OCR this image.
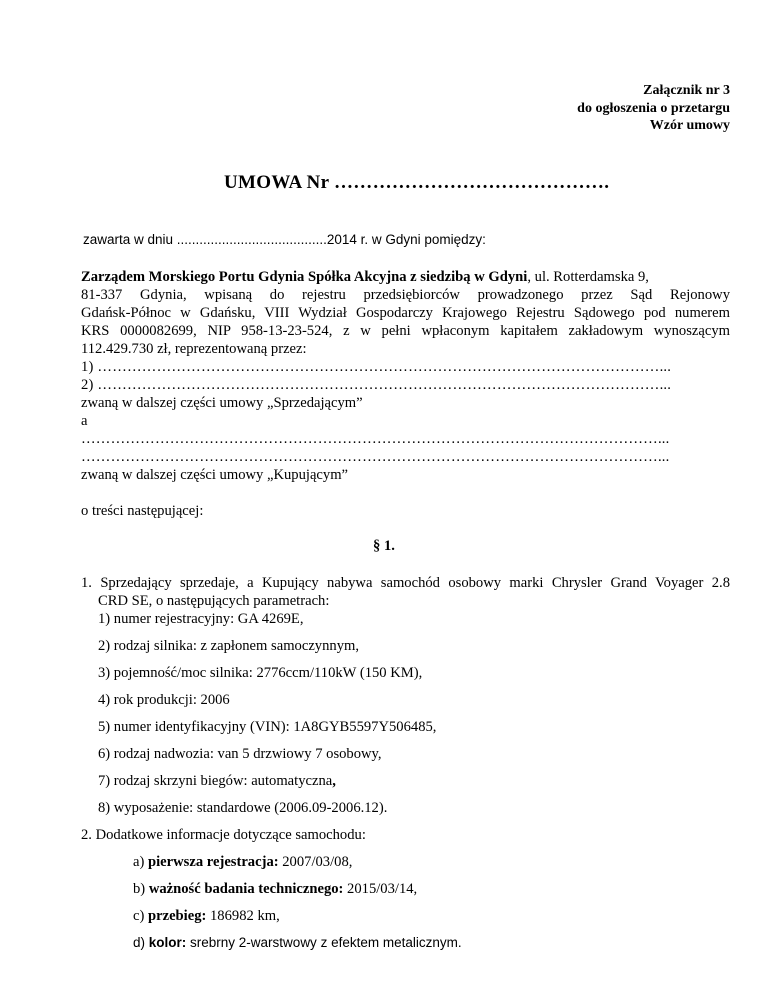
Załącznik nr 3
do ogłoszenia o przetargu
Wzór umowy
UMOWA Nr …………………………………….
zawarta w dniu ........................................2014 r. w Gdyni pomiędzy:
Zarządem Morskiego Portu Gdynia Spółka Akcyjna z siedzibą w Gdyni, ul. Rotterdamska 9,
81-337 Gdynia, wpisaną do rejestru przedsiębiorców prowadzonego przez Sąd Rejonowy
Gdańsk-Północ w Gdańsku, VIII Wydział Gospodarczy Krajowego Rejestru Sądowego pod numerem
KRS 0000082699, NIP 958-13-23-524, z w pełni wpłaconym kapitałem zakładowym wynoszącym
112.429.730 zł, reprezentowaną przez:
1) ……………………………………………………………………………………………………...
2) ……………………………………………………………………………………………………...
zwaną w dalszej części umowy „Sprzedającym”
a
………………………………………………………………………………………………………...
………………………………………………………………………………………………………...
zwaną w dalszej części umowy „Kupującym”
o treści następującej:
§ 1.
1. Sprzedający sprzedaje, a Kupujący nabywa samochód osobowy marki Chrysler Grand Voyager 2.8
CRD SE, o następujących parametrach:
1) numer rejestracyjny: GA 4269E,
2) rodzaj silnika: z zapłonem samoczynnym,
3) pojemność/moc silnika: 2776ccm/110kW (150 KM),
4) rok produkcji: 2006
5) numer identyfikacyjny (VIN): 1A8GYB5597Y506485,
6) rodzaj nadwozia: van 5 drzwiowy 7 osobowy,
7) rodzaj skrzyni biegów: automatyczna,
8) wyposażenie: standardowe (2006.09-2006.12).
2. Dodatkowe informacje dotyczące samochodu:
a) pierwsza rejestracja: 2007/03/08,
b) ważność badania technicznego: 2015/03/14,
c) przebieg: 186982 km,
d) kolor: srebrny 2-warstwowy z efektem metalicznym.
